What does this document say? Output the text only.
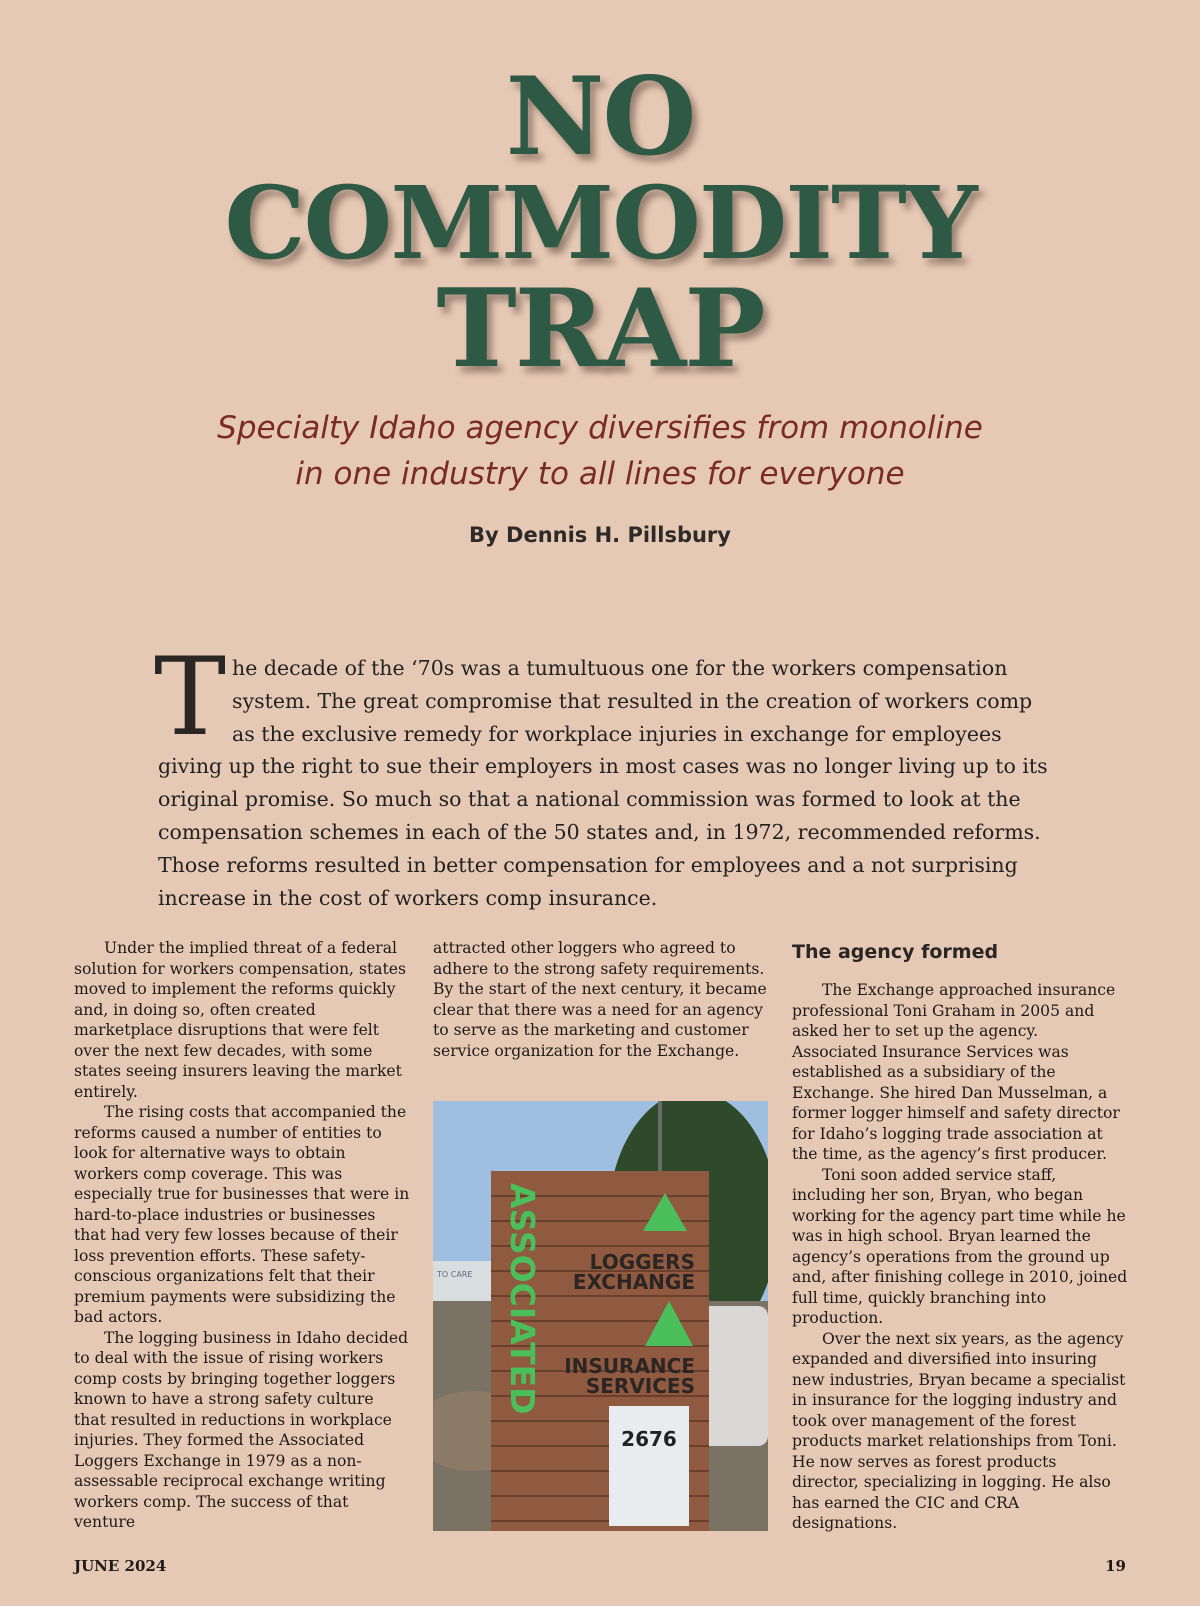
NO
COMMODITY
TRAP
Specialty Idaho agency diversifies from monoline
in one industry to all lines for everyone
By Dennis H. Pillsbury
T he decade of the ‘70s was a tumultuous one for the workers compensation system. The great compromise that resulted in the creation of workers comp as the exclusive remedy for workplace injuries in exchange for employees giving up the right to sue their employers in most cases was no longer living up to its original promise. So much so that a national commission was formed to look at the compensation schemes in each of the 50 states and, in 1972, recommended reforms. Those reforms resulted in better compensation for employees and a not surprising increase in the cost of workers comp insurance.

Under the implied threat of a federal solution for workers compensation, states moved to implement the reforms quickly and, in doing so, often created marketplace disruptions that were felt over the next few decades, with some states seeing insurers leaving the market entirely.

The rising costs that accompanied the reforms caused a number of entities to look for alternative ways to obtain workers comp coverage. This was especially true for businesses that were in hard-to-place industries or businesses that had very few losses because of their loss prevention efforts. These safety-conscious organizations felt that their premium payments were subsidizing the bad actors.

The logging business in Idaho decided to deal with the issue of rising workers comp costs by bringing together loggers known to have a strong safety culture that resulted in reductions in workplace injuries. They formed the Associated Loggers Exchange in 1979 as a non-assessable reciprocal exchange writing workers comp. The success of that venture

attracted other loggers who agreed to adhere to the strong safety requirements. By the start of the next century, it became clear that there was a need for an agency to serve as the marketing and customer service organization for the Exchange.

TO CARE ASSOCIATED LOGGERS
EXCHANGE
INSURANCE
SERVICES
2676
The agency formed

The Exchange approached insurance professional Toni Graham in 2005 and asked her to set up the agency. Associated Insurance Services was established as a subsidiary of the Exchange. She hired Dan Musselman, a former logger himself and safety director for Idaho’s logging trade association at the time, as the agency’s first producer.

Toni soon added service staff, including her son, Bryan, who began working for the agency part time while he was in high school. Bryan learned the agency’s operations from the ground up and, after finishing college in 2010, joined full time, quickly branching into production.

Over the next six years, as the agency expanded and diversified into insuring new industries, Bryan became a specialist in insurance for the logging industry and took over management of the forest products market relationships from Toni. He now serves as forest products director, specializing in logging. He also has earned the CIC and CRA designations.

JUNE 2024	19
